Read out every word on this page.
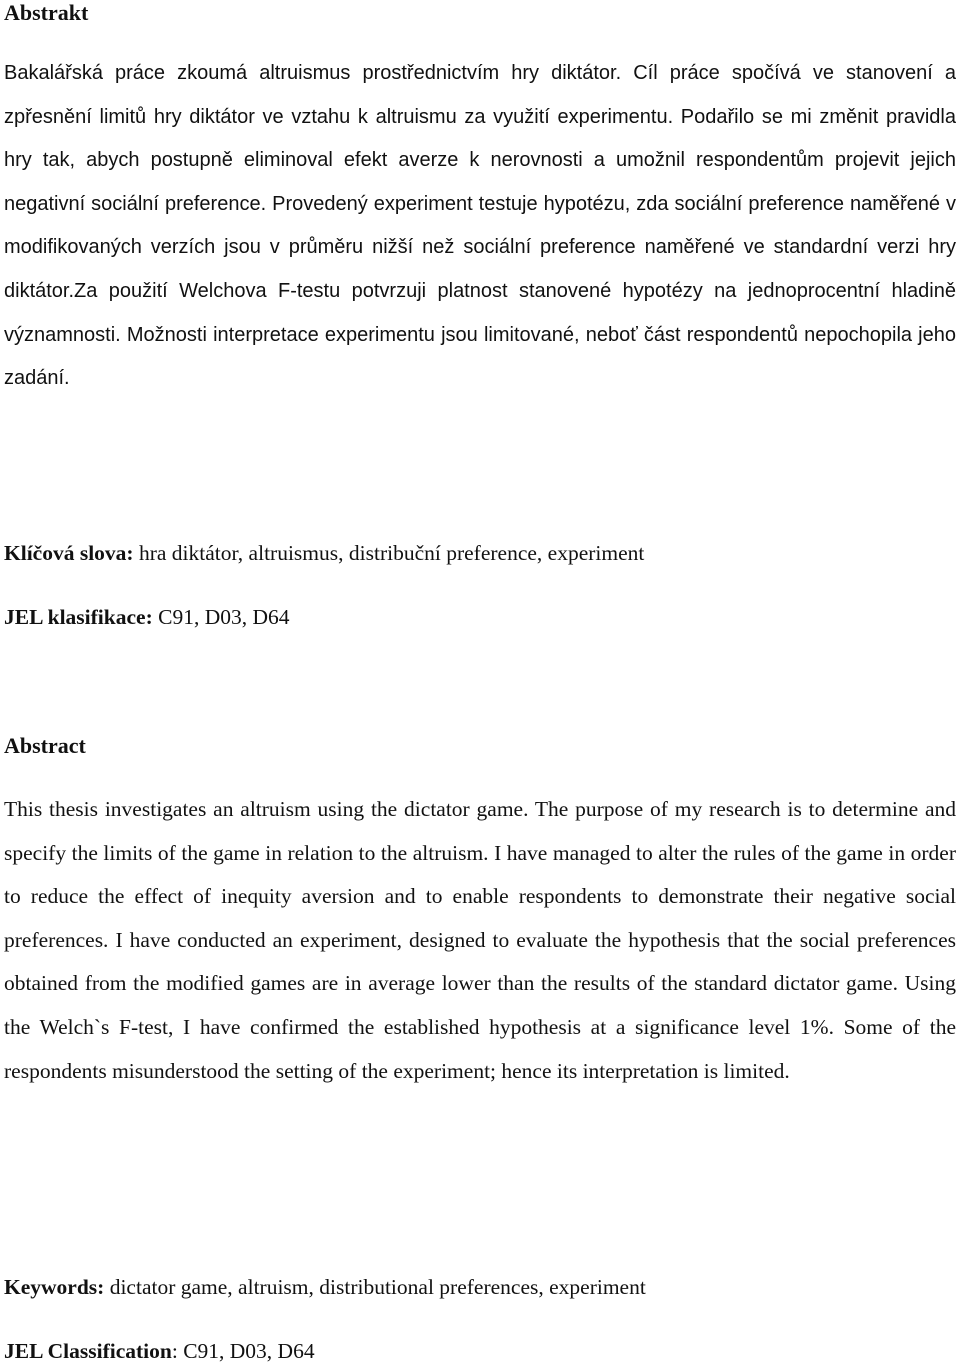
Abstrakt

Bakalářská práce zkoumá altruismus prostřednictvím hry diktátor. Cíl práce spočívá ve stanovení a zpřesnění limitů hry diktátor ve vztahu k altruismu za využití experimentu. Podařilo se mi změnit pravidla hry tak, abych postupně eliminoval efekt averze k nerovnosti a umožnil respondentům projevit jejich negativní sociální preference. Provedený experiment testuje hypotézu, zda sociální preference naměřené v modifikovaných verzích jsou v průměru nižší než sociální preference naměřené ve standardní verzi hry diktátor.Za použití Welchova F-testu potvrzuji platnost stanovené hypotézy na jednoprocentní hladině významnosti. Možnosti interpretace experimentu jsou limitované, neboť část respondentů nepochopila jeho zadání.

Klíčová slova: hra diktátor, altruismus, distribuční preference, experiment

JEL klasifikace: C91, D03, D64

Abstract

This thesis investigates an altruism using the dictator game. The purpose of my research is to determine and specify the limits of the game in relation to the altruism. I have managed to alter the rules of the game in order to reduce the effect of inequity aversion and to enable respondents to demonstrate their negative social preferences. I have conducted an experiment, designed to evaluate the hypothesis that the social preferences obtained from the modified games are in average lower than the results of the standard dictator game. Using the Welch`s F-test, I have confirmed the established hypothesis at a significance level 1%. Some of the respondents misunderstood the setting of the experiment; hence its interpretation is limited.

Keywords: dictator game, altruism, distributional preferences, experiment

JEL Classification: C91, D03, D64
